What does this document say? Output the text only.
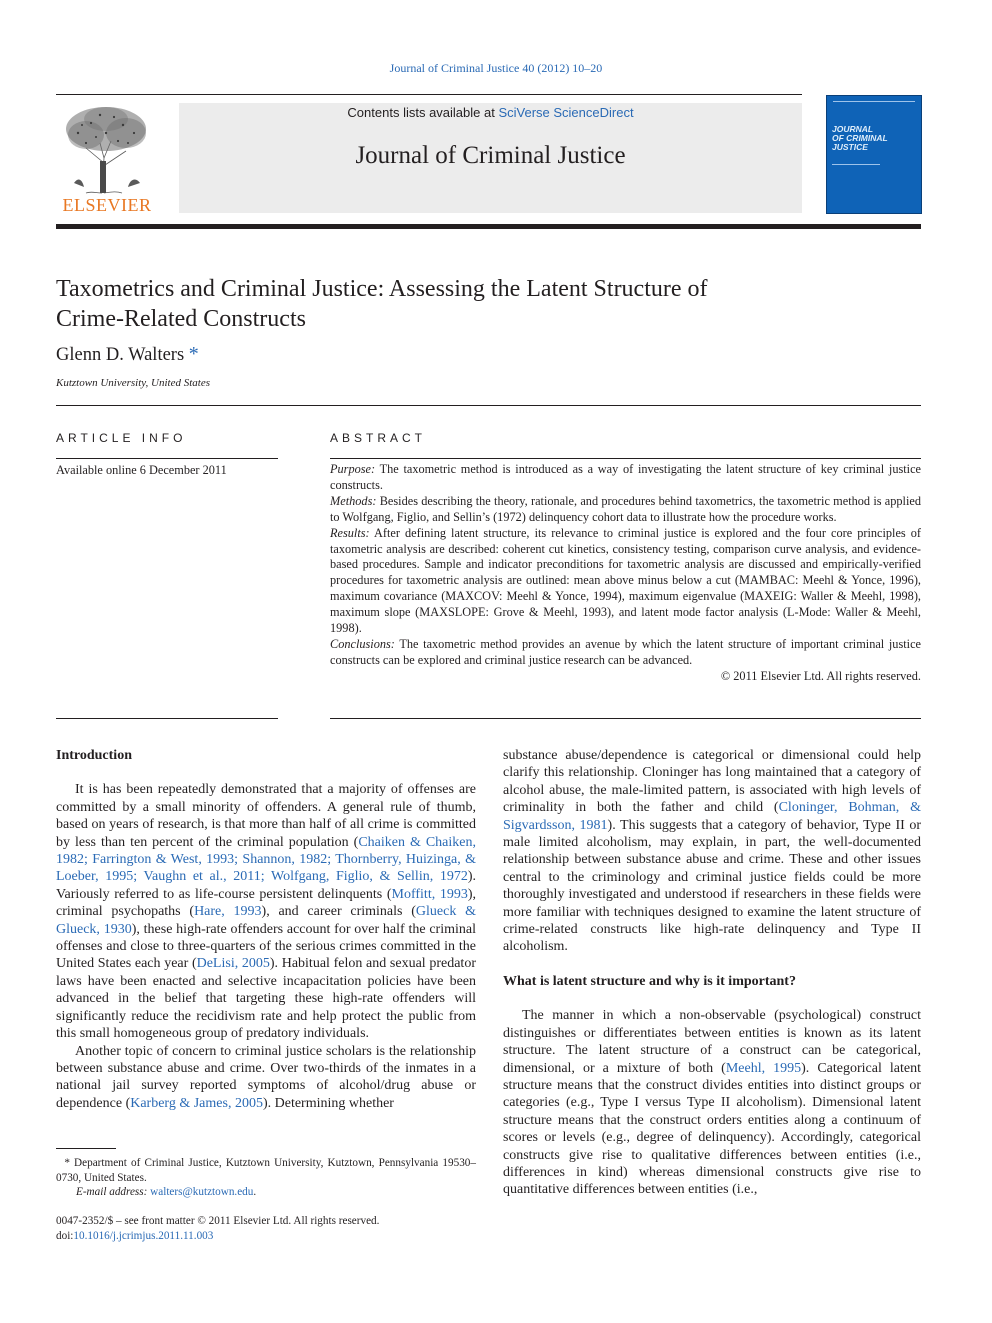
Journal of Criminal Justice 40 (2012) 10–20
ELSEVIER
Contents lists available at SciVerse ScienceDirect
Journal of Criminal Justice
JOURNAL
OF CRIMINAL
JUSTICE
Taxometrics and Criminal Justice: Assessing the Latent Structure of
Crime-Related Constructs
Glenn D. Walters *
Kutztown University, United States
ARTICLE INFO
Available online 6 December 2011
ABSTRACT

Purpose: The taxometric method is introduced as a way of investigating the latent structure of key criminal justice constructs.

Methods: Besides describing the theory, rationale, and procedures behind taxometrics, the taxometric method is applied to Wolfgang, Figlio, and Sellin’s (1972) delinquency cohort data to illustrate how the procedure works.

Results: After defining latent structure, its relevance to criminal justice is explored and the four core principles of taxometric analysis are described: coherent cut kinetics, consistency testing, comparison curve analysis, and evidence-based procedures. Sample and indicator preconditions for taxometric analysis are discussed and empirically-verified procedures for taxometric analysis are outlined: mean above minus below a cut (MAMBAC: Meehl & Yonce, 1996), maximum covariance (MAXCOV: Meehl & Yonce, 1994), maximum eigenvalue (MAXEIG: Waller & Meehl, 1998), maximum slope (MAXSLOPE: Grove & Meehl, 1993), and latent mode factor analysis (L-Mode: Waller & Meehl, 1998).

Conclusions: The taxometric method provides an avenue by which the latent structure of important criminal justice constructs can be explored and criminal justice research can be advanced.

© 2011 Elsevier Ltd. All rights reserved.

Introduction

It is has been repeatedly demonstrated that a majority of offenses are committed by a small minority of offenders. A general rule of thumb, based on years of research, is that more than half of all crime is committed by less than ten percent of the criminal population (Chaiken & Chaiken, 1982; Farrington & West, 1993; Shannon, 1982; Thornberry, Huizinga, & Loeber, 1995; Vaughn et al., 2011; Wolfgang, Figlio, & Sellin, 1972). Variously referred to as life-course persistent delinquents (Moffitt, 1993), criminal psychopaths (Hare, 1993), and career criminals (Glueck & Glueck, 1930), these high-rate offenders account for over half the criminal offenses and close to three-quarters of the serious crimes committed in the United States each year (DeLisi, 2005). Habitual felon and sexual predator laws have been enacted and selective incapacitation policies have been advanced in the belief that targeting these high-rate offenders will significantly reduce the recidivism rate and help protect the public from this small homogeneous group of predatory individuals.

Another topic of concern to criminal justice scholars is the relationship between substance abuse and crime. Over two-thirds of the inmates in a national jail survey reported symptoms of alcohol/drug abuse or dependence (Karberg & James, 2005). Determining whether

substance abuse/dependence is categorical or dimensional could help clarify this relationship. Cloninger has long maintained that a category of alcohol abuse, the male-limited pattern, is associated with high levels of criminality in both the father and child (Cloninger, Bohman, & Sigvardsson, 1981). This suggests that a category of behavior, Type II or male limited alcoholism, may explain, in part, the well-documented relationship between substance abuse and crime. These and other issues central to the criminology and criminal justice fields could be more thoroughly investigated and understood if researchers in these fields were more familiar with techniques designed to examine the latent structure of crime-related constructs like high-rate delinquency and Type II alcoholism.

What is latent structure and why is it important?

The manner in which a non-observable (psychological) construct distinguishes or differentiates between entities is known as its latent structure. The latent structure of a construct can be categorical, dimensional, or a mixture of both (Meehl, 1995). Categorical latent structure means that the construct divides entities into distinct groups or categories (e.g., Type I versus Type II alcoholism). Dimensional latent structure means that the construct orders entities along a continuum of scores or levels (e.g., degree of delinquency). Accordingly, categorical constructs give rise to qualitative differences between entities (i.e., differences in kind) whereas dimensional constructs give rise to quantitative differences between entities (i.e.,

* Department of Criminal Justice, Kutztown University, Kutztown, Pennsylvania 19530–0730, United States.

E-mail address: walters@kutztown.edu.

0047-2352/$ – see front matter © 2011 Elsevier Ltd. All rights reserved.

doi:10.1016/j.jcrimjus.2011.11.003
